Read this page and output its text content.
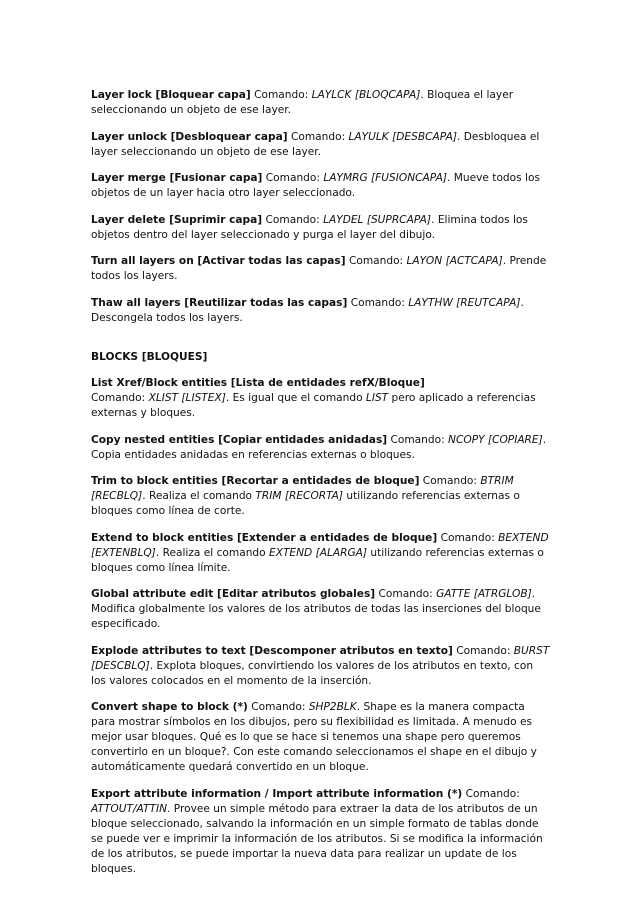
Layer lock [Bloquear capa] Comando: LAYLCK [BLOQCAPA]. Bloquea el layer seleccionando un objeto de ese layer.

Layer unlock [Desbloquear capa] Comando: LAYULK [DESBCAPA]. Desbloquea el layer seleccionando un objeto de ese layer.

Layer merge [Fusionar capa] Comando: LAYMRG [FUSIONCAPA]. Mueve todos los objetos de un layer hacia otro layer seleccionado.

Layer delete [Suprimir capa] Comando: LAYDEL [SUPRCAPA]. Elimina todos los objetos dentro del layer seleccionado y purga el layer del dibujo.

Turn all layers on [Activar todas las capas] Comando: LAYON [ACTCAPA]. Prende todos los layers.

Thaw all layers [Reutilizar todas las capas] Comando: LAYTHW [REUTCAPA]. Descongela todos los layers.

BLOCKS [BLOQUES]

List Xref/Block entities [Lista de entidades refX/Bloque]
Comando: XLIST [LISTEX]. Es igual que el comando LIST pero aplicado a referencias externas y bloques.

Copy nested entities [Copiar entidades anidadas] Comando: NCOPY [COPIARE]. Copia entidades anidadas en referencias externas o bloques.

Trim to block entities [Recortar a entidades de bloque] Comando: BTRIM [RECBLQ]. Realiza el comando TRIM [RECORTA] utilizando referencias externas o bloques como línea de corte.

Extend to block entities [Extender a entidades de bloque] Comando: BEXTEND [EXTENBLQ]. Realiza el comando EXTEND [ALARGA] utilizando referencias externas o bloques como línea límite.

Global attribute edit [Editar atributos globales] Comando: GATTE [ATRGLOB]. Modifica globalmente los valores de los atributos de todas las inserciones del bloque especificado.

Explode attributes to text [Descomponer atributos en texto] Comando: BURST [DESCBLQ]. Explota bloques, convirtiendo los valores de los atributos en texto, con los valores colocados en el momento de la inserción.

Convert shape to block (*) Comando: SHP2BLK. Shape es la manera compacta para mostrar símbolos en los dibujos, pero su flexibilidad es limitada. A menudo es mejor usar bloques. Qué es lo que se hace si tenemos una shape pero queremos convertirlo en un bloque?. Con este comando seleccionamos el shape en el dibujo y automáticamente quedará convertido en un bloque.

Export attribute information / Import attribute information (*) Comando: ATTOUT/ATTIN. Provee un simple método para extraer la data de los atributos de un bloque seleccionado, salvando la información en un simple formato de tablas donde se puede ver e imprimir la información de los atributos. Si se modifica la información de los atributos, se puede importar la nueva data para realizar un update de los bloques.
